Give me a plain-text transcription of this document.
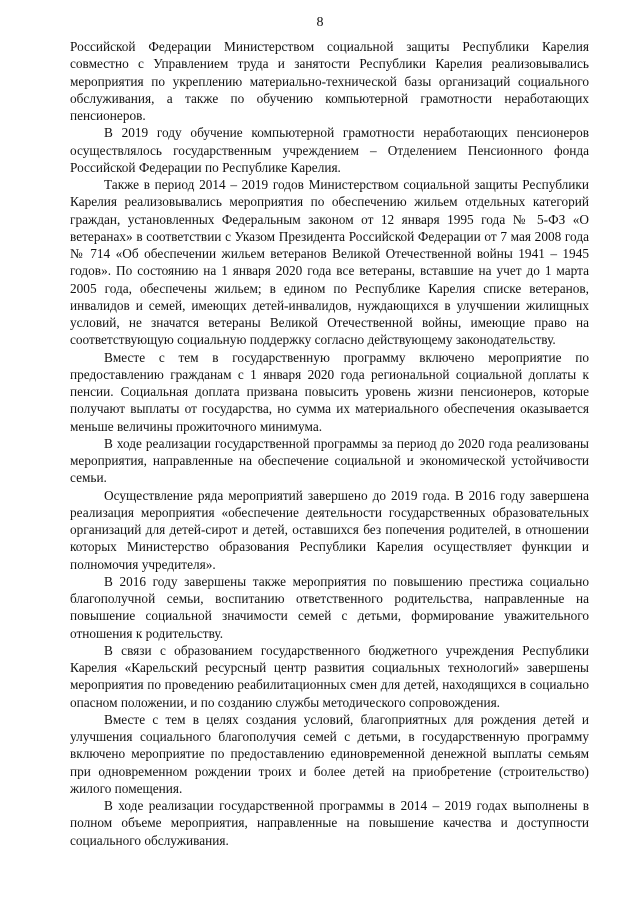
8

Российской Федерации Министерством социальной защиты Республики Карелия совместно с Управлением труда и занятости Республики Карелия реализовывались мероприятия по укреплению материально-технической базы организаций социального обслуживания, а также по обучению компьютерной грамотности неработающих пенсионеров.

В 2019 году обучение компьютерной грамотности неработающих пенсионеров осуществлялось государственным учреждением – Отделением Пенсионного фонда Российской Федерации по Республике Карелия.

Также в период 2014 – 2019 годов Министерством социальной защиты Республики Карелия реализовывались мероприятия по обеспечению жильем отдельных категорий граждан, установленных Федеральным законом от 12 января 1995 года № 5-ФЗ «О ветеранах» в соответствии с Указом Президента Российской Федерации от 7 мая 2008 года № 714 «Об обеспечении жильем ветеранов Великой Отечественной войны 1941 – 1945 годов». По состоянию на 1 января 2020 года все ветераны, вставшие на учет до 1 марта 2005 года, обеспечены жильем; в едином по Республике Карелия списке ветеранов, инвалидов и семей, имеющих детей-инвалидов, нуждающихся в улучшении жилищных условий, не значатся ветераны Великой Отечественной войны, имеющие право на соответствующую социальную поддержку согласно действующему законодательству.

Вместе с тем в государственную программу включено мероприятие по предоставлению гражданам с 1 января 2020 года региональной социальной доплаты к пенсии. Социальная доплата призвана повысить уровень жизни пенсионеров, которые получают выплаты от государства, но сумма их материального обеспечения оказывается меньше величины прожиточного минимума.

В ходе реализации государственной программы за период до 2020 года реализованы мероприятия, направленные на обеспечение социальной и экономической устойчивости семьи.

Осуществление ряда мероприятий завершено до 2019 года. В 2016 году завершена реализация мероприятия «обеспечение деятельности государственных образовательных организаций для детей-сирот и детей, оставшихся без попечения родителей, в отношении которых Министерство образования Республики Карелия осуществляет функции и полномочия учредителя».

В 2016 году завершены также мероприятия по повышению престижа социально благополучной семьи, воспитанию ответственного родительства, направленные на повышение социальной значимости семей с детьми, формирование уважительного отношения к родительству.

В связи с образованием государственного бюджетного учреждения Республики Карелия «Карельский ресурсный центр развития социальных технологий» завершены мероприятия по проведению реабилитационных смен для детей, находящихся в социально опасном положении, и по созданию службы методического сопровождения.

Вместе с тем в целях создания условий, благоприятных для рождения детей и улучшения социального благополучия семей с детьми, в государственную программу включено мероприятие по предоставлению единовременной денежной выплаты семьям при одновременном рождении троих и более детей на приобретение (строительство) жилого помещения.

В ходе реализации государственной программы в 2014 – 2019 годах выполнены в полном объеме мероприятия, направленные на повышение качества и доступности социального обслуживания.
